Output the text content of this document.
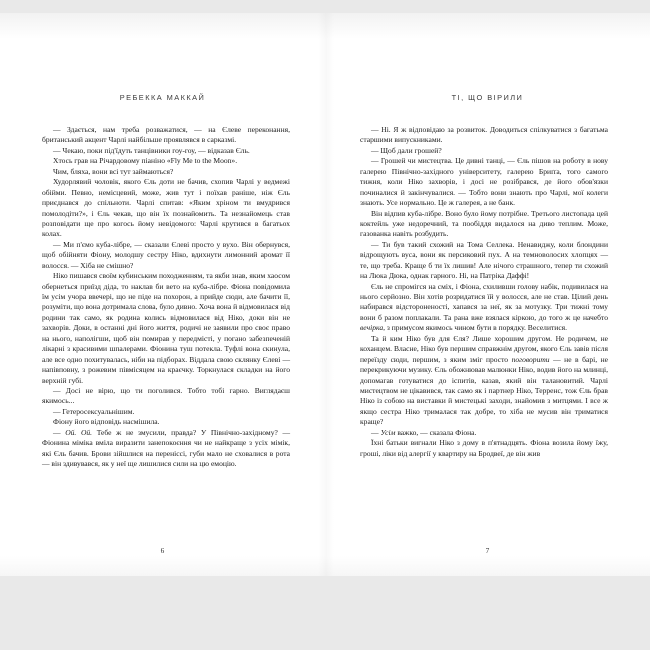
РЕБЕККА МАККАЙ

— Здається, нам треба розважатися, — на Єлеве переконання, британський акцент Чарлі найбільше проявлявся в сарказмі.

— Чекаю, поки під'їдуть танцівники гоу-гоу, — відказав Єль.

Хтось грав на Річардовому піаніно «Fly Me to the Moon».

Чим, бляха, вони всі тут займаються?

Худорлявий чоловік, якого Єль доти не бачив, схопив Чарлі у ведмежі обійми. Певно, немісцевий, може, жив тут і поїхав раніше, ніж Єль приєднався до спільноти. Чарлі спитав: «Яким хріном ти вмудрився помолодіти?», і Єль чекав, що він їх познайомить. Та незнайомець став розповідати ще про когось йому невідомого: Чарлі крутився в багатьох колах.

— Ми п'ємо куба-лібре, — сказали Єлеві просто у вухо. Він обернувся, щоб обійняти Фіону, молодшу сестру Ніко, вдихнути лимонний аромат її волосся. — Хіба не смішно?

Ніко пишався своїм кубинським походженням, та якби знав, яким хаосом обернеться приїзд діда, то наклав би вето на куба-лібре. Фіона повідомила їм усім учора ввечері, що не піде на похорон, а прийде сюди, але бачити її, розуміти, що вона дотримала слова, було дивно. Хоча вона й відмовилася від родини так само, як родина колись відмовилася від Ніко, доки він не захворів. Доки, в останні дні його життя, родичі не заявили про своє право на нього, наполігши, щоб він помирав у передмісті, у погано забезпеченій лікарні з красивими шпалерами. Фіонина туш потекла. Туфлі вона скинула, але все одно похитувалась, ніби на підборах. Віддала свою склянку Єлеві — напівповну, з рожевим півмісяцем на краєчку. Торкнулася складки на його верхній губі.

— Досі не вірю, що ти поголився. Тобто тобі гарно. Виглядаєш якимось...

— Гетеросексуальнішим.

Фіону його відповідь насмішила.

— Ой. Ой. Тебе ж не змусили, правда? У Північно-західному? — Фіонина міміка вміла виразити занепокоєння чи не найкраще з усіх мімік, які Єль бачив. Брови зійшлися на переніссі, губи мало не сховалися в рота — він здивувався, як у неї ще лишилися сили на цю емоцію.

6
ТІ, ЩО ВІРИЛИ

— Ні. Я ж відповідаю за розвиток. Доводиться спілкуватися з багатьма старшими випускниками.

— Щоб дали грошей?

— Грошей чи мистецтва. Це дивні танці, — Єль пішов на роботу в нову галерею Північно-західного університету, галерею Бриґґа, того самого тижня, коли Ніко захворів, і досі не розібрався, де його обов'язки починалися й закінчувалися. — Тобто вони знають про Чарлі, мої колеги знають. Усе нормально. Це ж галерея, а не банк.

Він відпив куба-лібре. Воно було йому потрібне. Третього листопада цей коктейль уже недоречний, та пообіддя видалося на диво теплим. Може, газованка навіть розбудить.

— Ти був такий схожий на Тома Селлека. Ненавиджу, коли блондини відрощують вуса, вони як персиковий пух. А на темноволосих хлопцях — те, що треба. Краще б ти їх лишив! Але нічого страшного, тепер ти схожий на Люка Дюка, однак гарного. Ні, на Патріка Даффі!

Єль не спромігся на сміх, і Фіона, схиливши голову набік, подивилася на нього серйозно. Він хотів розридатися їй у волосся, але не став. Цілий день набирався відстороненості, хапався за неї, як за мотузку. Три тижні тому вони б разом поплакали. Та рана вже взялася кіркою, до того ж це начебто вечірка, з примусом якимось чином бути в порядку. Веселитися.

Та й ким Ніко був для Єля? Лише хорошим другом. Не родичем, не коханцем. Власне, Ніко був першим справжнім другом, якого Єль завів після переїзду сюди, першим, з яким зміг просто поговорити — не в барі, не перекрикуючи музику. Єль обожнював малюнки Ніко, водив його на млинці, допомагав готуватися до іспитів, казав, який він талановитий. Чарлі мистецтвом не цікавився, так само як і партнер Ніко, Терренс, тож Єль брав Ніко із собою на виставки й мистецькі заходи, знайомив з митцями. І все ж якщо сестра Ніко трималася так добре, то хіба не мусив він триматися краще?

— Усім важко, — сказала Фіона.

Їхні батьки вигнали Ніко з дому в п'ятнадцять. Фіона возила йому їжу, гроші, ліки від алергії у квартиру на Бродвеї, де він жив

7
